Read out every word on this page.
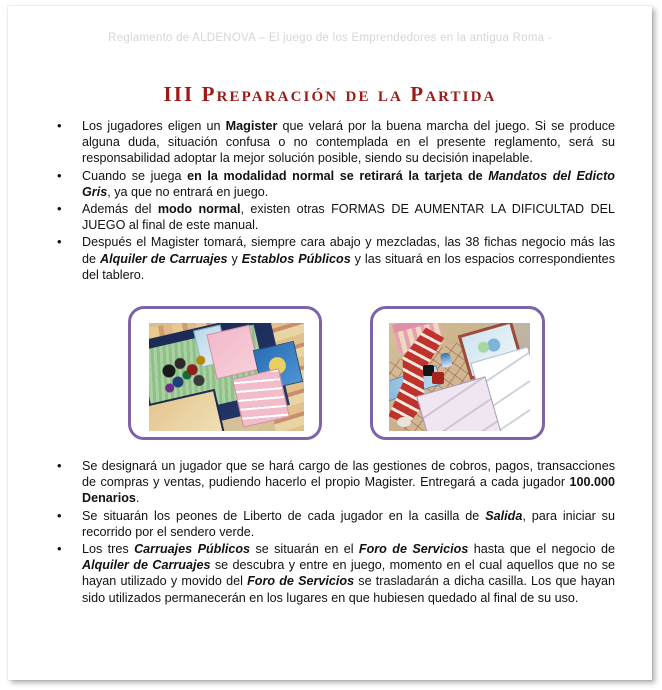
Reglamento de ALDENOVA – El juego de los Emprendedores en la antigua Roma -
III Preparación de la Partida
• Los jugadores eligen un Magister que velará por la buena marcha del juego. Si se produce alguna duda, situación confusa o no contemplada en el presente reglamento, será su responsabilidad adoptar la mejor solución posible, siendo su decisión inapelable.
• Cuando se juega en la modalidad normal se retirará la tarjeta de Mandatos del Edicto Gris, ya que no entrará en juego.
• Además del modo normal, existen otras FORMAS DE AUMENTAR LA DIFICULTAD DEL JUEGO al final de este manual.
• Después el Magister tomará, siempre cara abajo y mezcladas, las 38 fichas negocio más las de Alquiler de Carruajes y Establos Públicos y las situará en los espacios correspondientes del tablero.
• Se designará un jugador que se hará cargo de las gestiones de cobros, pagos, transacciones de compras y ventas, pudiendo hacerlo el propio Magister. Entregará a cada jugador 100.000 Denarios.
• Se situarán los peones de Liberto de cada jugador en la casilla de Salida, para iniciar su recorrido por el sendero verde.
• Los tres Carruajes Públicos se situarán en el Foro de Servicios hasta que el negocio de Alquiler de Carruajes se descubra y entre en juego, momento en el cual aquellos que no se hayan utilizado y movido del Foro de Servicios se trasladarán a dicha casilla. Los que hayan sido utilizados permanecerán en los lugares en que hubiesen quedado al final de su uso.
